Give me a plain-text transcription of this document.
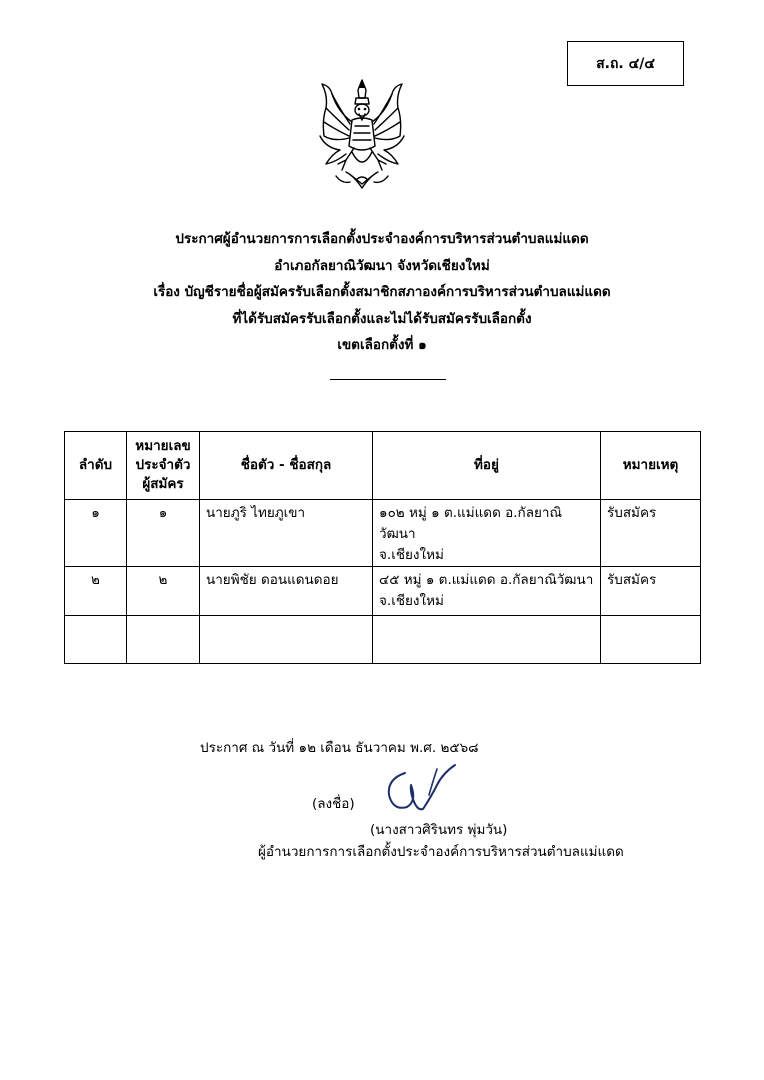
ส.ถ. ๔/๔
ประกาศผู้อำนวยการการเลือกตั้งประจำองค์การบริหารส่วนตำบลแม่แดด
อำเภอกัลยาณิวัฒนา จังหวัดเชียงใหม่
เรื่อง บัญชีรายชื่อผู้สมัครรับเลือกตั้งสมาชิกสภาองค์การบริหารส่วนตำบลแม่แดด
ที่ได้รับสมัครรับเลือกตั้งและไม่ได้รับสมัครรับเลือกตั้ง
เขตเลือกตั้งที่ ๑
ลำดับ	หมายเลข
ประจำตัว
ผู้สมัคร	ชื่อตัว - ชื่อสกุล	ที่อยู่	หมายเหตุ
๑	๑	นายภูริ ไทยภูเขา	๑๐๒ หมู่ ๑ ต.แม่แดด อ.กัลยาณิวัฒนา
จ.เชียงใหม่	รับสมัคร
๒	๒	นายพิชัย ดอนแดนดอย	๔๕ หมู่ ๑ ต.แม่แดด อ.กัลยาณิวัฒนา
จ.เชียงใหม่	รับสมัคร

ประกาศ ณ วันที่ ๑๒ เดือน ธันวาคม พ.ศ. ๒๕๖๘
(ลงชื่อ)
(นางสาวศิรินทร พุ่มวัน)
ผู้อำนวยการการเลือกตั้งประจำองค์การบริหารส่วนตำบลแม่แดด
